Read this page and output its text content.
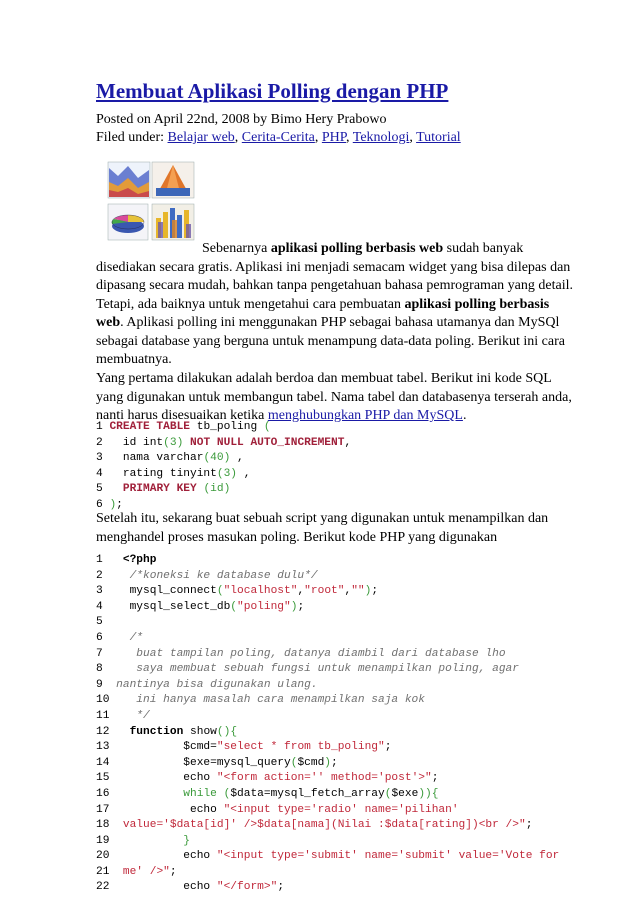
Membuat Aplikasi Polling dengan PHP
Posted on April 22nd, 2008 by Bimo Hery Prabowo
Filed under: Belajar web, Cerita-Cerita, PHP, Teknologi, Tutorial
Sebenarnya aplikasi polling berbasis web sudah banyak
disediakan secara gratis. Aplikasi ini menjadi semacam widget yang bisa dilepas dan
dipasang secara mudah, bahkan tanpa pengetahuan bahasa pemrograman yang detail.
Tetapi, ada baiknya untuk mengetahui cara pembuatan aplikasi polling berbasis
web. Aplikasi polling ini menggunakan PHP sebagai bahasa utamanya dan MySQl
sebagai database yang berguna untuk menampung data-data poling. Berikut ini cara
membuatnya.
Yang pertama dilakukan adalah berdoa dan membuat tabel. Berikut ini kode SQL
yang digunakan untuk membangun tabel. Nama tabel dan databasenya terserah anda,
nanti harus disesuaikan ketika menghubungkan PHP dan MySQL.
1 CREATE TABLE tb_poling (
2   id int(3) NOT NULL AUTO_INCREMENT,
3   nama varchar(40) ,
4   rating tinyint(3) ,
5   PRIMARY KEY (id)
6 );
Setelah itu, sekarang buat sebuah script yang digunakan untuk menampilkan dan
menghandel proses masukan poling. Berikut kode PHP yang digunakan
1   <?php
2    /*koneksi ke database dulu*/
3    mysql_connect("localhost","root","");
4    mysql_select_db("poling");
5
6    /*
7     buat tampilan poling, datanya diambil dari database lho
8     saya membuat sebuah fungsi untuk menampilkan poling, agar
9  nantinya bisa digunakan ulang.
10    ini hanya masalah cara menampilkan saja kok
11    */
12   function show(){
13           $cmd="select * from tb_poling";
14           $exe=mysql_query($cmd);
15           echo "<form action='' method='post'>";
16	while ($data=mysql_fetch_array($exe)){
17            echo "<input type='radio' name='pilihan'
18  value='$data[id]' />$data[nama](Nilai :$data[rating])<br />";
19	}
20           echo "<input type='submit' name='submit' value='Vote for
21  me' />";
22           echo "</form>";
